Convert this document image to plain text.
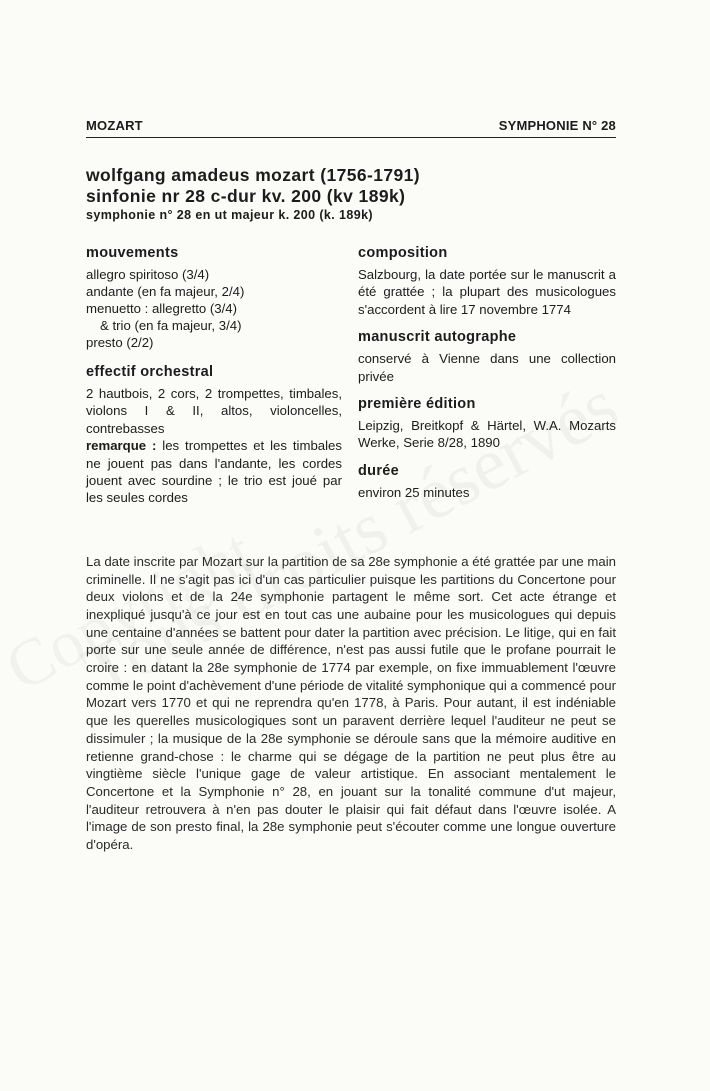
MOZART	SYMPHONIE N° 28
wolfgang amadeus mozart (1756-1791)
sinfonie nr 28 c-dur kv. 200 (kv 189k)
symphonie n° 28 en ut majeur k. 200 (k. 189k)
mouvements
allegro spiritoso (3/4)
andante (en fa majeur, 2/4)
menuetto : allegretto (3/4)
& trio (en fa majeur, 3/4)
presto (2/2)
effectif orchestral
2 hautbois, 2 cors, 2 trompettes, timbales, violons I & II, altos, violoncelles, contrebasses
remarque : les trompettes et les timbales ne jouent pas dans l'andante, les cordes jouent avec sourdine ; le trio est joué par les seules cordes
composition
Salzbourg, la date portée sur le manuscrit a été grattée ; la plupart des musicologues s'accordent à lire 17 novembre 1774
manuscrit autographe
conservé à Vienne dans une collection privée
première édition
Leipzig, Breitkopf & Härtel, W.A. Mozarts Werke, Serie 8/28, 1890
durée
environ 25 minutes
La date inscrite par Mozart sur la partition de sa 28e symphonie a été grattée par une main criminelle. Il ne s'agit pas ici d'un cas particulier puisque les partitions du Concertone pour deux violons et de la 24e symphonie partagent le même sort. Cet acte étrange et inexpliqué jusqu'à ce jour est en tout cas une aubaine pour les musicologues qui depuis une centaine d'années se battent pour dater la partition avec précision. Le litige, qui en fait porte sur une seule année de différence, n'est pas aussi futile que le profane pourrait le croire : en datant la 28e symphonie de 1774 par exemple, on fixe immuablement l'œuvre comme le point d'achèvement d'une période de vitalité symphonique qui a commencé pour Mozart vers 1770 et qui ne reprendra qu'en 1778, à Paris. Pour autant, il est indéniable que les querelles musicologiques sont un paravent derrière lequel l'auditeur ne peut se dissimuler ; la musique de la 28e symphonie se déroule sans que la mémoire auditive en retienne grand-chose : le charme qui se dégage de la partition ne peut plus être au vingtième siècle l'unique gage de valeur artistique. En associant mentalement le Concertone et la Symphonie n° 28, en jouant sur la tonalité commune d'ut majeur, l'auditeur retrouvera à n'en pas douter le plaisir qui fait défaut dans l'œuvre isolée. A l'image de son presto final, la 28e symphonie peut s'écouter comme une longue ouverture d'opéra.
